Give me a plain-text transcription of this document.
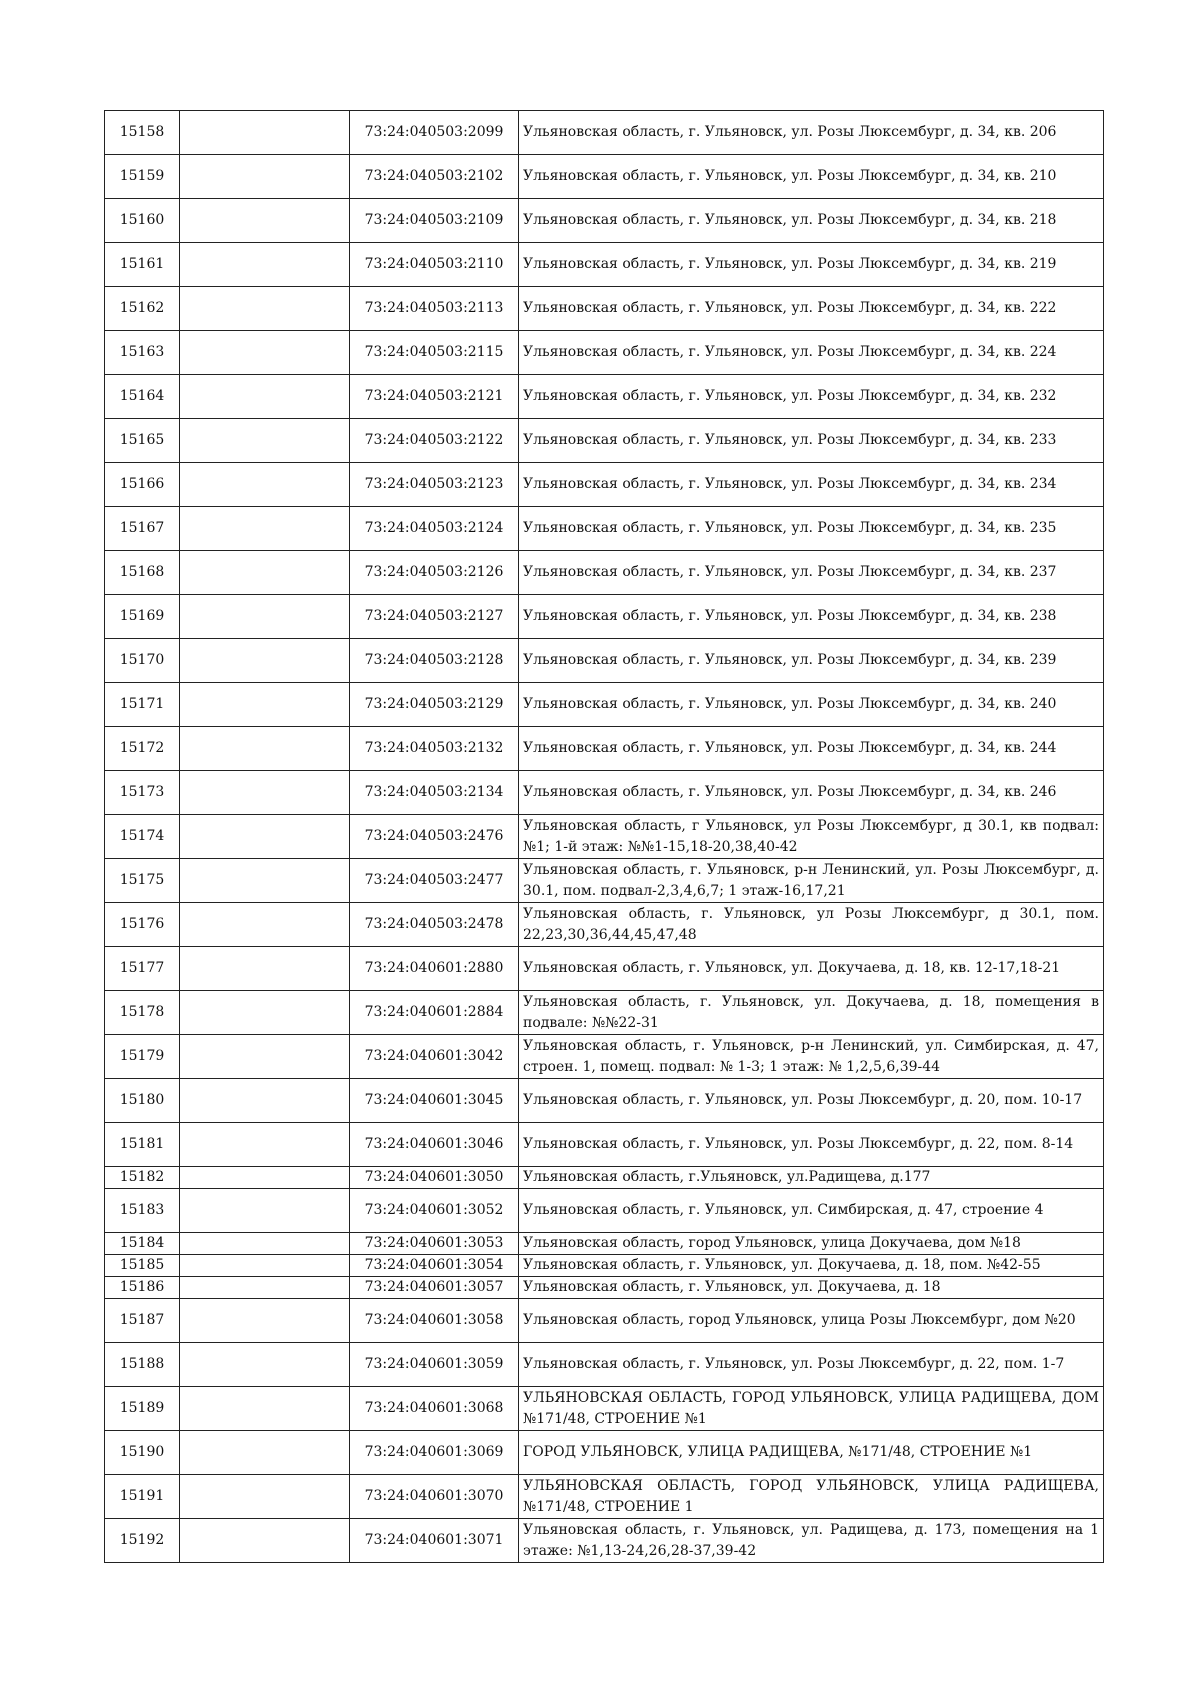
15158		73:24:040503:2099	Ульяновская область, г. Ульяновск, ул. Розы Люксембург, д. 34, кв. 206
15159		73:24:040503:2102	Ульяновская область, г. Ульяновск, ул. Розы Люксембург, д. 34, кв. 210
15160		73:24:040503:2109	Ульяновская область, г. Ульяновск, ул. Розы Люксембург, д. 34, кв. 218
15161		73:24:040503:2110	Ульяновская область, г. Ульяновск, ул. Розы Люксембург, д. 34, кв. 219
15162		73:24:040503:2113	Ульяновская область, г. Ульяновск, ул. Розы Люксембург, д. 34, кв. 222
15163		73:24:040503:2115	Ульяновская область, г. Ульяновск, ул. Розы Люксембург, д. 34, кв. 224
15164		73:24:040503:2121	Ульяновская область, г. Ульяновск, ул. Розы Люксембург, д. 34, кв. 232
15165		73:24:040503:2122	Ульяновская область, г. Ульяновск, ул. Розы Люксембург, д. 34, кв. 233
15166		73:24:040503:2123	Ульяновская область, г. Ульяновск, ул. Розы Люксембург, д. 34, кв. 234
15167		73:24:040503:2124	Ульяновская область, г. Ульяновск, ул. Розы Люксембург, д. 34, кв. 235
15168		73:24:040503:2126	Ульяновская область, г. Ульяновск, ул. Розы Люксембург, д. 34, кв. 237
15169		73:24:040503:2127	Ульяновская область, г. Ульяновск, ул. Розы Люксембург, д. 34, кв. 238
15170		73:24:040503:2128	Ульяновская область, г. Ульяновск, ул. Розы Люксембург, д. 34, кв. 239
15171		73:24:040503:2129	Ульяновская область, г. Ульяновск, ул. Розы Люксембург, д. 34, кв. 240
15172		73:24:040503:2132	Ульяновская область, г. Ульяновск, ул. Розы Люксембург, д. 34, кв. 244
15173		73:24:040503:2134	Ульяновская область, г. Ульяновск, ул. Розы Люксембург, д. 34, кв. 246
15174		73:24:040503:2476	Ульяновская область, г Ульяновск, ул Розы Люксембург, д 30.1, кв подвал: №1; 1-й этаж: №№1-15,18-20,38,40-42
15175		73:24:040503:2477	Ульяновская область, г. Ульяновск, р-н Ленинский, ул. Розы Люксембург, д. 30.1, пом. подвал-2,3,4,6,7; 1 этаж-16,17,21
15176		73:24:040503:2478	Ульяновская область, г. Ульяновск, ул Розы Люксембург, д 30.1, пом. 22,23,30,36,44,45,47,48
15177		73:24:040601:2880	Ульяновская область, г. Ульяновск, ул. Докучаева, д. 18, кв. 12-17,18-21
15178		73:24:040601:2884	Ульяновская область, г. Ульяновск, ул. Докучаева, д. 18, помещения в подвале: №№22-31
15179		73:24:040601:3042	Ульяновская область, г. Ульяновск, р-н Ленинский, ул. Симбирская, д. 47, строен. 1, помещ. подвал: № 1-3; 1 этаж: № 1,2,5,6,39-44
15180		73:24:040601:3045	Ульяновская область, г. Ульяновск, ул. Розы Люксембург, д. 20, пом. 10-17
15181		73:24:040601:3046	Ульяновская область, г. Ульяновск, ул. Розы Люксембург, д. 22, пом. 8-14
15182		73:24:040601:3050	Ульяновская область, г.Ульяновск, ул.Радищева, д.177
15183		73:24:040601:3052	Ульяновская область, г. Ульяновск, ул. Симбирская, д. 47, строение 4
15184		73:24:040601:3053	Ульяновская область, город Ульяновск, улица Докучаева, дом №18
15185		73:24:040601:3054	Ульяновская область, г. Ульяновск, ул. Докучаева, д. 18, пом. №42-55
15186		73:24:040601:3057	Ульяновская область, г. Ульяновск, ул. Докучаева, д. 18
15187		73:24:040601:3058	Ульяновская область, город Ульяновск, улица Розы Люксембург, дом №20
15188		73:24:040601:3059	Ульяновская область, г. Ульяновск, ул. Розы Люксембург, д. 22, пом. 1-7
15189		73:24:040601:3068	УЛЬЯНОВСКАЯ ОБЛАСТЬ, ГОРОД УЛЬЯНОВСК, УЛИЦА РАДИЩЕВА, ДОМ №171/48, СТРОЕНИЕ №1
15190		73:24:040601:3069	ГОРОД УЛЬЯНОВСК, УЛИЦА РАДИЩЕВА, №171/48, СТРОЕНИЕ №1
15191		73:24:040601:3070	УЛЬЯНОВСКАЯ ОБЛАСТЬ, ГОРОД УЛЬЯНОВСК, УЛИЦА РАДИЩЕВА, №171/48, СТРОЕНИЕ 1
15192		73:24:040601:3071	Ульяновская область, г. Ульяновск, ул. Радищева, д. 173, помещения на 1 этаже: №1,13-24,26,28-37,39-42
